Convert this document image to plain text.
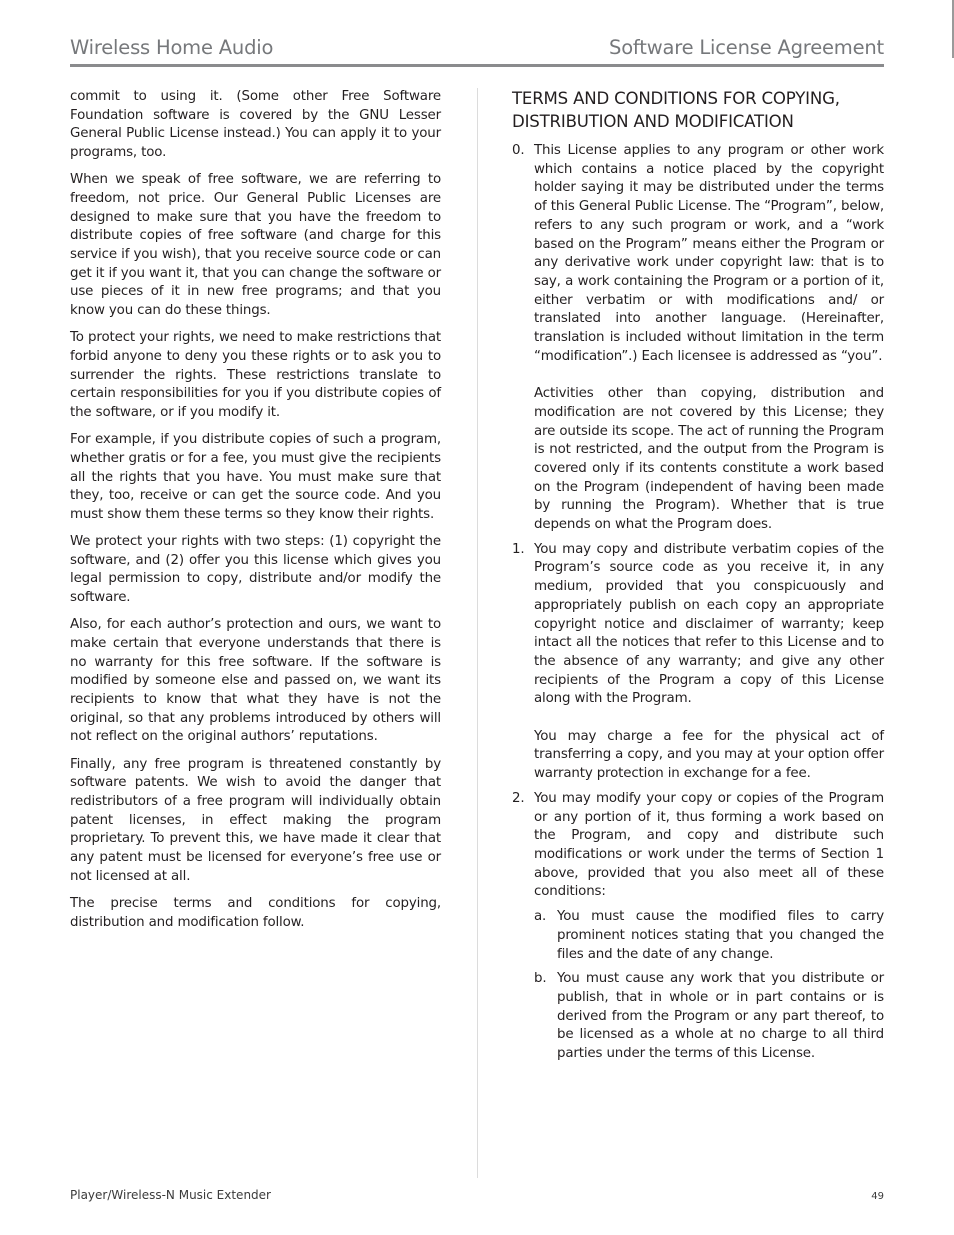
Wireless Home Audio	Software License Agreement

commit to using it. (Some other Free Software Foundation software is covered by the GNU Lesser General Public License instead.) You can apply it to your programs, too.

When we speak of free software, we are referring to freedom, not price. Our General Public Licenses are designed to make sure that you have the freedom to distribute copies of free software (and charge for this service if you wish), that you receive source code or can get it if you want it, that you can change the software or use pieces of it in new free programs; and that you know you can do these things.

To protect your rights, we need to make restrictions that forbid anyone to deny you these rights or to ask you to surrender the rights. These restrictions translate to certain responsibilities for you if you distribute copies of the software, or if you modify it.

For example, if you distribute copies of such a program, whether gratis or for a fee, you must give the recipients all the rights that you have. You must make sure that they, too, receive or can get the source code. And you must show them these terms so they know their rights.

We protect your rights with two steps: (1) copyright the software, and (2) offer you this license which gives you legal permission to copy, distribute and/or modify the software.

Also, for each author’s protection and ours, we want to make certain that everyone understands that there is no warranty for this free software. If the software is modified by someone else and passed on, we want its recipients to know that what they have is not the original, so that any problems introduced by others will not reflect on the original authors’ reputations.

Finally, any free program is threatened constantly by software patents. We wish to avoid the danger that redistributors of a free program will individually obtain patent licenses, in effect making the program proprietary. To prevent this, we have made it clear that any patent must be licensed for everyone’s free use or not licensed at all.

The precise terms and conditions for copying, distribution and modification follow.

TERMS AND CONDITIONS FOR COPYING,
DISTRIBUTION AND MODIFICATION
0. This License applies to any program or other work which contains a notice placed by the copyright holder saying it may be distributed under the terms of this General Public License. The “Program”, below, refers to any such program or work, and a “work based on the Program” means either the Program or any derivative work under copyright law: that is to say, a work containing the Program or a portion of it, either verbatim or with modifications and/ or translated into another language. (Hereinafter, translation is included without limitation in the term “modification”.) Each licensee is addressed as “you”.

Activities other than copying, distribution and modification are not covered by this License; they are outside its scope. The act of running the Program is not restricted, and the output from the Program is covered only if its contents constitute a work based on the Program (independent of having been made by running the Program). Whether that is true depends on what the Program does.

1. You may copy and distribute verbatim copies of the Program’s source code as you receive it, in any medium, provided that you conspicuously and appropriately publish on each copy an appropriate copyright notice and disclaimer of warranty; keep intact all the notices that refer to this License and to the absence of any warranty; and give any other recipients of the Program a copy of this License along with the Program.

You may charge a fee for the physical act of transferring a copy, and you may at your option offer warranty protection in exchange for a fee.

2. You may modify your copy or copies of the Program or any portion of it, thus forming a work based on the Program, and copy and distribute such modifications or work under the terms of Section 1 above, provided that you also meet all of these conditions:

a. You must cause the modified files to carry prominent notices stating that you changed the files and the date of any change.

b. You must cause any work that you distribute or publish, that in whole or in part contains or is derived from the Program or any part thereof, to be licensed as a whole at no charge to all third parties under the terms of this License.

Player/Wireless-N Music Extender	49
